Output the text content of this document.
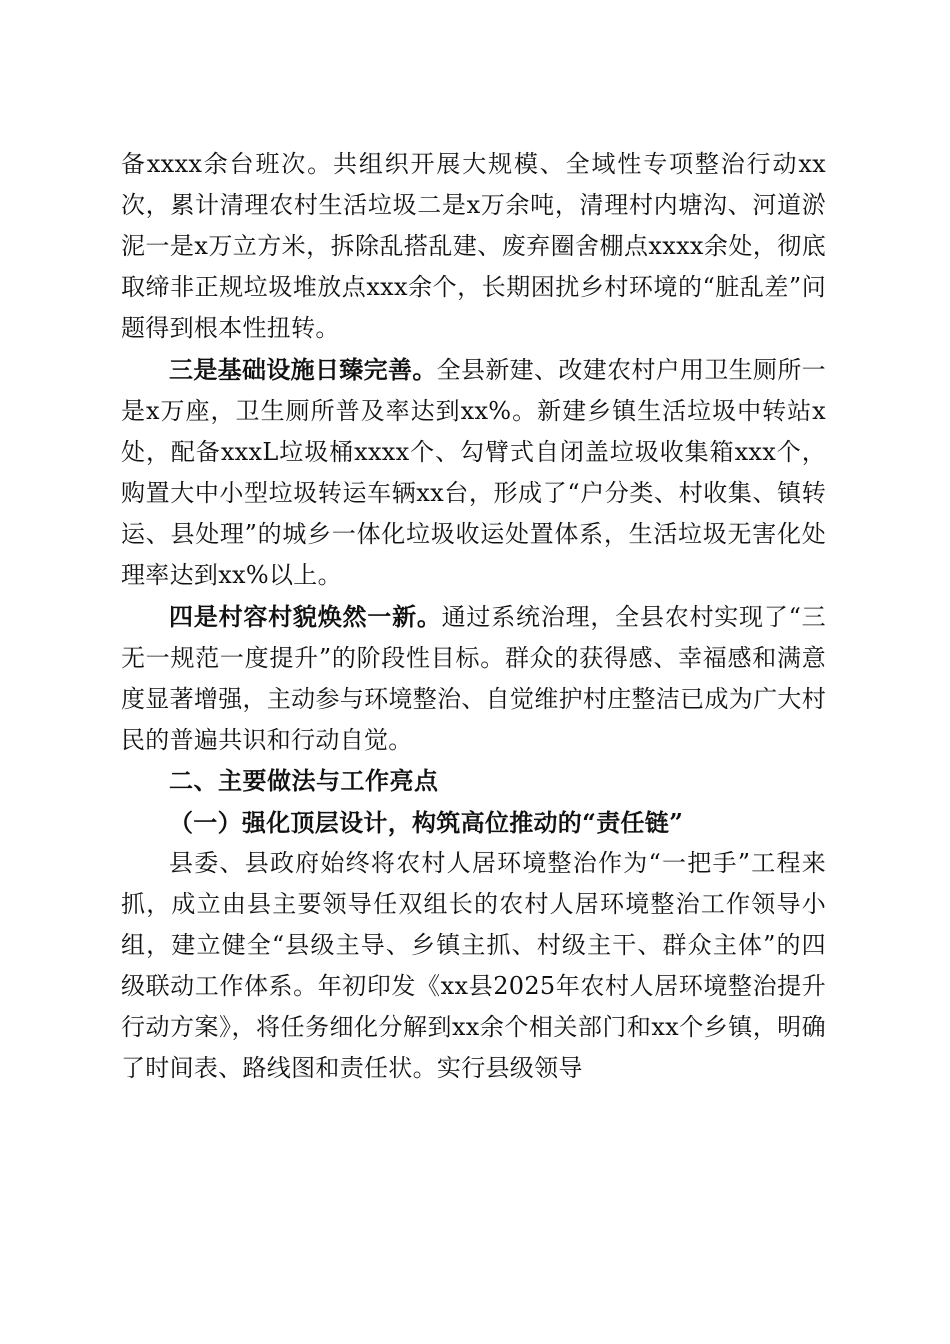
备xxxx余台班次。共组织开展大规模、全域性专项整治行动xx次，累计清理农村生活垃圾二是x万余吨，清理村内塘沟、河道淤泥一是x万立方米，拆除乱搭乱建、废弃圈舍棚点xxxx余处，彻底取缔非正规垃圾堆放点xxx余个，长期困扰乡村环境的“脏乱差”问题得到根本性扭转。

三是基础设施日臻完善。全县新建、改建农村户用卫生厕所一是x万座，卫生厕所普及率达到xx%。新建乡镇生活垃圾中转站x处，配备xxxL垃圾桶xxxx个、勾臂式自闭盖垃圾收集箱xxx个，购置大中小型垃圾转运车辆xx台，形成了“户分类、村收集、镇转运、县处理”的城乡一体化垃圾收运处置体系，生活垃圾无害化处理率达到xx%以上。

四是村容村貌焕然一新。通过系统治理，全县农村实现了“三无一规范一度提升”的阶段性目标。群众的获得感、幸福感和满意度显著增强，主动参与环境整治、自觉维护村庄整洁已成为广大村民的普遍共识和行动自觉。

二、主要做法与工作亮点
（一）强化顶层设计，构筑高位推动的“责任链”

县委、县政府始终将农村人居环境整治作为“一把手”工程来抓，成立由县主要领导任双组长的农村人居环境整治工作领导小组，建立健全“县级主导、乡镇主抓、村级主干、群众主体”的四级联动工作体系。年初印发《xx县2025年农村人居环境整治提升行动方案》，将任务细化分解到xx余个相关部门和xx个乡镇，明确了时间表、路线图和责任状。实行县级领导
